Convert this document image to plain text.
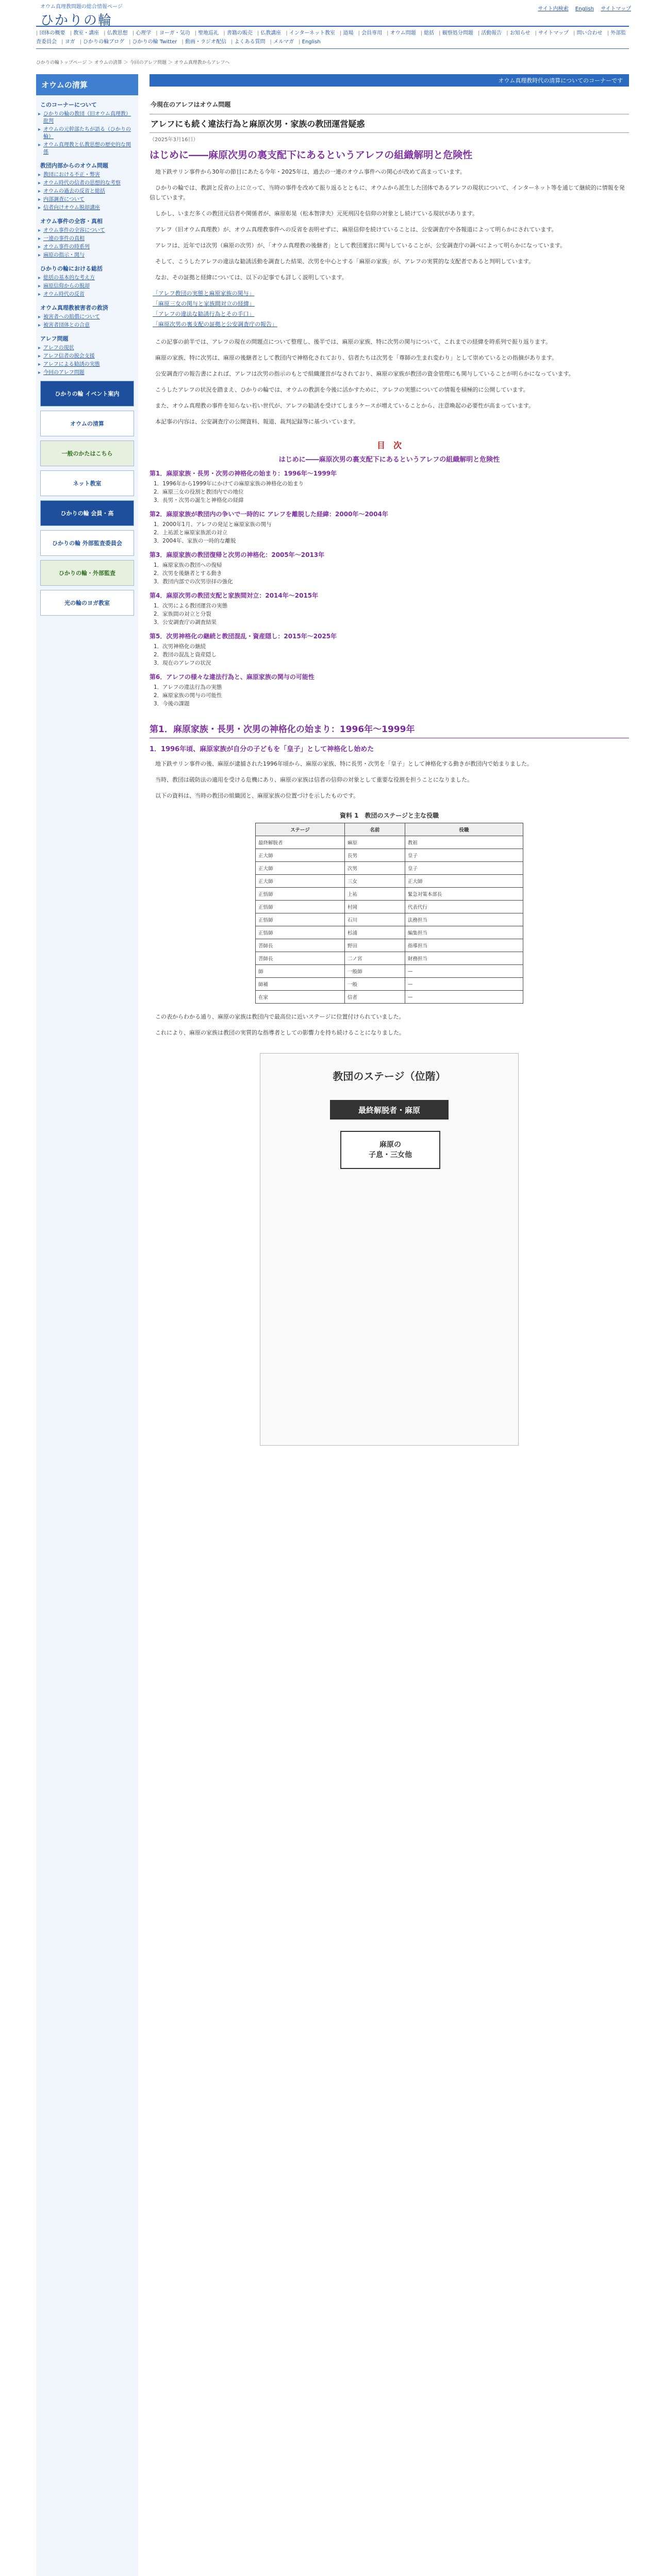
オウム真理教問題の総合情報ページ
ひかりの輪
サイト内検索 English サイトマップ
| 団体の概要 | 教室・講座 | 仏教思想 | 心理学 | ヨーガ・気功 | 聖地巡礼 | 書籍の販売 | 仏教講座 | インターネット教室 | 道場 | 会員専用 | オウム問題 | 総括 | 観察処分問題 | 活動報告 | お知らせ | サイトマップ | 問い合わせ | 外部監査委員会 | ヨガ | ひかりの輪ブログ | ひかりの輪 Twitter | 動画・ラジオ配信 | よくある質問 | メルマガ | English
ひかりの輪トップページ ＞ オウムの清算 ＞ 今回のアレフ問題 ＞ オウム真理教からアレフへ
オウムの清算
このコーナーについて
▸ ひかりの輪の教団（旧オウム真理教）批判
▸ オウムの元幹部たちが語る（ひかりの輪）
▸ オウム真理教と仏教思想の歴史的な関係
教団内部からのオウム問題
▸ 教団における不正・弊害
▸ オウム時代の信者の思想的な考察
▸ オウムの過去の反省と総括
▸ 内部調査について
▸ 信者向けオウム脱却講座
オウム事件の全容・真相
▸ オウム事件の全容について
▸ 一連の事件の真相
▸ オウム事件の時系列
▸ 麻原の指示・関与
ひかりの輪における総括
▸ 総括の基本的な考え方
▸ 麻原信仰からの脱却
▸ オウム時代の反省
オウム真理教被害者の救済
▸ 被害者への賠償について
▸ 被害者団体との合意
アレフ問題
▸ アレフの現状
▸ アレフ信者の脱会支援
▸ アレフによる勧誘の実態
▸ 今回のアレフ問題
ひかりの輪 イベント案内
オウムの清算
一般のかたはこちら
ネット教室
ひかりの輪 会員・高
ひかりの輪 外部監査委員会
ひかりの輪・外部監査
光の輪のヨガ教室
オウム真理教時代の清算についてのコーナーです
今現在のアレフはオウム問題
アレフにも続く違法行為と麻原次男・家族の教団運営疑惑
（2025年3月16日）
はじめに――麻原次男の裏支配下にあるというアレフの組織解明と危険性

地下鉄サリン事件から30年の節目にあたる今年・2025年は、過去の一連のオウム事件への関心が改めて高まっています。

ひかりの輪では、教訓と反省の上に立って、当時の事件を改めて振り返るとともに、オウムから派生した団体であるアレフの現状について、インターネット等を通じて継続的に情報を発信しています。

しかし、いまだ多くの教団元信者や関係者が、麻原彰晃（松本智津夫）元死刑囚を信仰の対象とし続けている現状があります。

アレフ（旧オウム真理教）が、オウム真理教事件への反省を表明せずに、麻原信仰を続けていることは、公安調査庁や各報道によって明らかにされています。

アレフは、近年では次男（麻原の次男）が、「オウム真理教の後継者」として教団運営に関与していることが、公安調査庁の調べによって明らかになっています。

そして、こうしたアレフの違法な勧誘活動を調査した結果、次男を中心とする「麻原の家族」が、アレフの実質的な支配者であると判明しています。

なお、その証拠と経緯については、以下の記事でも詳しく説明しています。

「アレフ教団の実態と麻原家族の関与」
「麻原三女の関与と家族間対立の経緯」
「アレフの違法な勧誘行為とその手口」
「麻原次男の裏支配の証拠と公安調査庁の報告」

この記事の前半では、アレフの現在の問題点について整理し、後半では、麻原の家族、特に次男の関与について、これまでの経緯を時系列で振り返ります。

麻原の家族、特に次男は、麻原の後継者として教団内で神格化されており、信者たちは次男を「尊師の生まれ変わり」として崇めているとの指摘があります。

公安調査庁の報告書によれば、アレフは次男の指示のもとで組織運営がなされており、麻原の家族が教団の資金管理にも関与していることが明らかになっています。

こうしたアレフの状況を踏まえ、ひかりの輪では、オウムの教訓を今後に活かすために、アレフの実態についての情報を積極的に公開しています。

また、オウム真理教の事件を知らない若い世代が、アレフの勧誘を受けてしまうケースが増えていることから、注意喚起の必要性が高まっています。

本記事の内容は、公安調査庁の公開資料、報道、裁判記録等に基づいています。

目　次
はじめに――麻原次男の裏支配下にあるというアレフの組織解明と危険性
第1．麻原家族・長男・次男の神格化の始まり：1996年〜1999年
1．1996年から1999年にかけての麻原家族の神格化の始まり
2．麻原三女の役割と教団内での地位
3．長男・次男の誕生と神格化の経緯
第2．麻原家族が教団内の争いで一時的に アレフを離脱した経緯：2000年〜2004年
1．2000年1月、アレフの発足と麻原家族の関与
2．上祐派と麻原家族派の対立
3．2004年、家族の一時的な離脱
第3．麻原家族の教団復帰と次男の神格化：2005年〜2013年
1．麻原家族の教団への復帰
2．次男を後継者とする動き
3．教団内部での次男崇拝の強化
第4．麻原次男の教団支配と家族間対立：2014年〜2015年
1．次男による教団運営の実態
2．家族間の対立と分裂
3．公安調査庁の調査結果
第5．次男神格化の継続と教団混乱・資産隠し：2015年〜2025年
1．次男神格化の継続
2．教団の混乱と資産隠し
3．現在のアレフの状況
第6．アレフの様々な違法行為と、麻原家族の関与の可能性
1．アレフの違法行為の実態
2．麻原家族の関与の可能性
3．今後の課題
第1．麻原家族・長男・次男の神格化の始まり：1996年〜1999年
1．1996年頃、麻原家族が自分の子どもを「皇子」として神格化し始めた

地下鉄サリン事件の後、麻原が逮捕された1996年頃から、麻原の家族、特に長男・次男を「皇子」として神格化する動きが教団内で始まりました。

当時、教団は破防法の適用を受ける危機にあり、麻原の家族は信者の信仰の対象として重要な役割を担うことになりました。

以下の資料は、当時の教団の組織図と、麻原家族の位置づけを示したものです。

資料 1　教団のステージと主な役職
ステージ	名前	役職
最終解脱者	麻原	教祖
正大師	長男	皇子
正大師	次男	皇子
正大師	三女	正大師
正悟師	上祐	緊急対策本部長
正悟師	村岡	代表代行
正悟師	石川	法務担当
正悟師	杉浦	編集担当
菩師長	野田	指導担当
菩師長	二ノ宮	財務担当
師	一般師	—
師補	一般	—
在家	信者	—

この表からわかる通り、麻原の家族は教団内で最高位に近いステージに位置付けられていました。

これにより、麻原の家族は教団の実質的な指導者としての影響力を持ち続けることになりました。

教団のステージ（位階）
最終解脱者・麻原
麻原の
子息・三女他
